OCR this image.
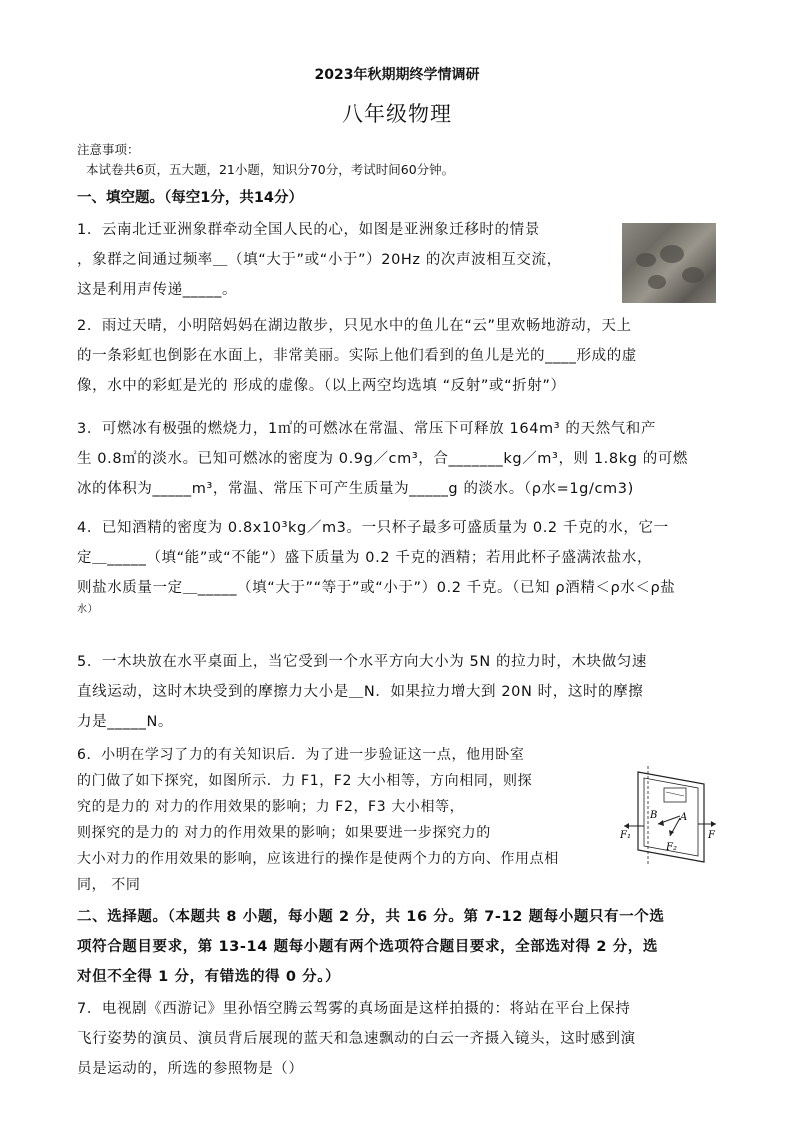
2023年秋期期终学情调研
八年级物理
注意事项：
本试卷共6页，五大题，21小题，知识分70分，考试时间60分钟。
一、填空题。（每空1分，共14分）

1．云南北迁亚洲象群牵动全国人民的心，如图是亚洲象迁移时的情景

，象群之间通过频率＿（填“大于”或“小于”）20Hz 的次声波相互交流，

这是利用声传递_____。

2．雨过天晴，小明陪妈妈在湖边散步，只见水中的鱼儿在“云”里欢畅地游动，天上

的一条彩虹也倒影在水面上，非常美丽。实际上他们看到的鱼儿是光的____形成的虚

像，水中的彩虹是光的 形成的虚像。（以上两空均选填 “反射”或“折射”）

3．可燃冰有极强的燃烧力，1㎡的可燃冰在常温、常压下可释放 164m³ 的天然气和产

生 0.8㎡的淡水。已知可燃冰的密度为 0.9g／cm³，合_______kg／m³，则 1.8kg 的可燃

冰的体积为_____m³，常温、常压下可产生质量为_____g 的淡水。（ρ水=1g/cm3)

4．已知酒精的密度为 0.8x10³kg／m3。一只杯子最多可盛质量为 0.2 千克的水，它一

定＿_____（填“能”或“不能”）盛下质量为 0.2 千克的酒精；若用此杯子盛满浓盐水，

则盐水质量一定＿_____（填“大于”“等于”或“小于”）0.2 千克。（已知 ρ酒精＜ρ水＜ρ盐

水）

5．一木块放在水平桌面上，当它受到一个水平方向大小为 5N 的拉力时，木块做匀速

直线运动，这时木块受到的摩擦力大小是＿N．如果拉力增大到 20N 时，这时的摩擦

力是_____N。

6．小明在学习了力的有关知识后．为了进一步验证这一点，他用卧室

的门做了如下探究，如图所示．力 F1，F2 大小相等，方向相同，则探

究的是力的 对力的作用效果的影响；力 F2，F3 大小相等，

则探究的是力的 对力的作用效果的影响；如果要进一步探究力的

大小对力的作用效果的影响，应该进行的操作是使两个力的方向、作用点相

同， 不同

B A
F₁
F₂
F

二、选择题。（本题共 8 小题，每小题 2 分，共 16 分。第 7-12 题每小题只有一个选

项符合题目要求，第 13-14 题每小题有两个选项符合题目要求，全部选对得 2 分，选

对但不全得 1 分，有错选的得 0 分。）

7．电视剧《西游记》里孙悟空腾云驾雾的真场面是这样拍摄的：将站在平台上保持

飞行姿势的演员、演员背后展现的蓝天和急速飘动的白云一齐摄入镜头，这时感到演

员是运动的，所选的参照物是（）
